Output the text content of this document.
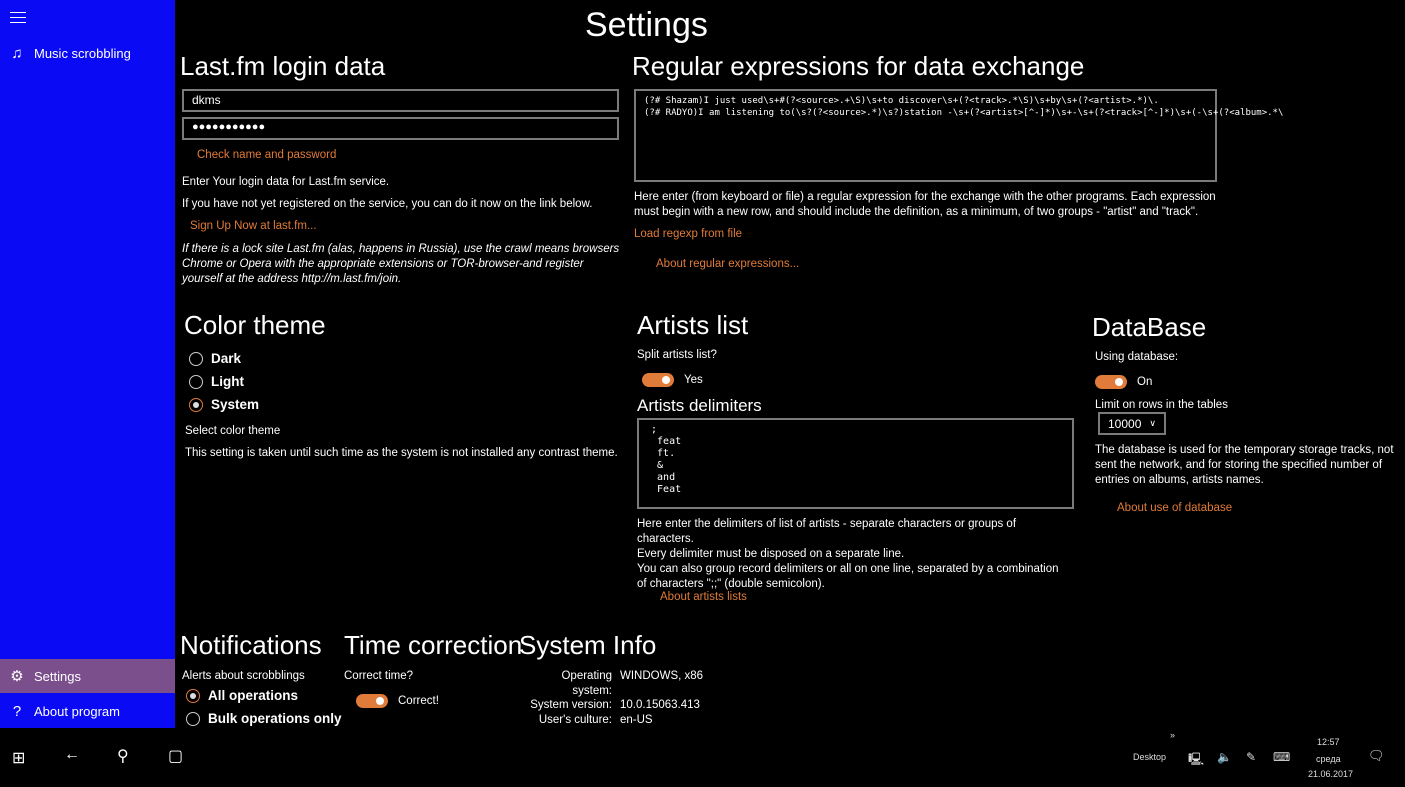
♫ Music scrobbling
⚙ Settings
? About program
Settings
Last.fm login data
dkms
●●●●●●●●●●●
Check name and password
Enter Your login data for Last.fm service.
If you have not yet registered on the service, you can do it now on the link below.
Sign Up Now at last.fm...
If there is a lock site Last.fm (alas, happens in Russia), use the crawl means browsers Chrome or Opera with the appropriate extensions or TOR-browser-and register yourself at the address http://m.last.fm/join.
Regular expressions for data exchange
(?# Shazam)I just used\s+#(?<source>.+\S)\s+to discover\s+(?<track>.*\S)\s+by\s+(?<artist>.*)\.
(?# RADYO)I am listening to(\s?(?<source>.*)\s?)station -\s+(?<artist>[^-]*)\s+-\s+(?<track>[^-]*)\s+(-\s+(?<album>.*\
Here enter (from keyboard or file) a regular expression for the exchange with the other programs. Each expression must begin with a new row, and should include the definition, as a minimum, of two groups - "artist" and "track".
Load regexp from file
About regular expressions...
Color theme
Dark
Light
System
Select color theme
This setting is taken until such time as the system is not installed any contrast theme.
Artists list
Split artists list?
Yes
Artists delimiters
;
feat
ft.
&
and
Feat
Here enter the delimiters of list of artists - separate characters or groups of characters.
Every delimiter must be disposed on a separate line.
You can also group record delimiters or all on one line, separated by a combination of characters ";;" (double semicolon).
About artists lists
DataBase
Using database:
On
Limit on rows in the tables
10000 ∨
The database is used for the temporary storage tracks, not sent the network, and for storing the specified number of entries on albums, artists names.
About use of database
Notifications
Alerts about scrobblings
All operations
Bulk operations only
Time correction
Correct time?
Correct!
System Info
Operating system:
WINDOWS, x86
System version: 10.0.15063.413
User's culture: en-US
⊞ ← ⚲ ▢
»
Desktop 🖳 🔈 ✎ ⌨
12:57
среда
21.06.2017
🗨
